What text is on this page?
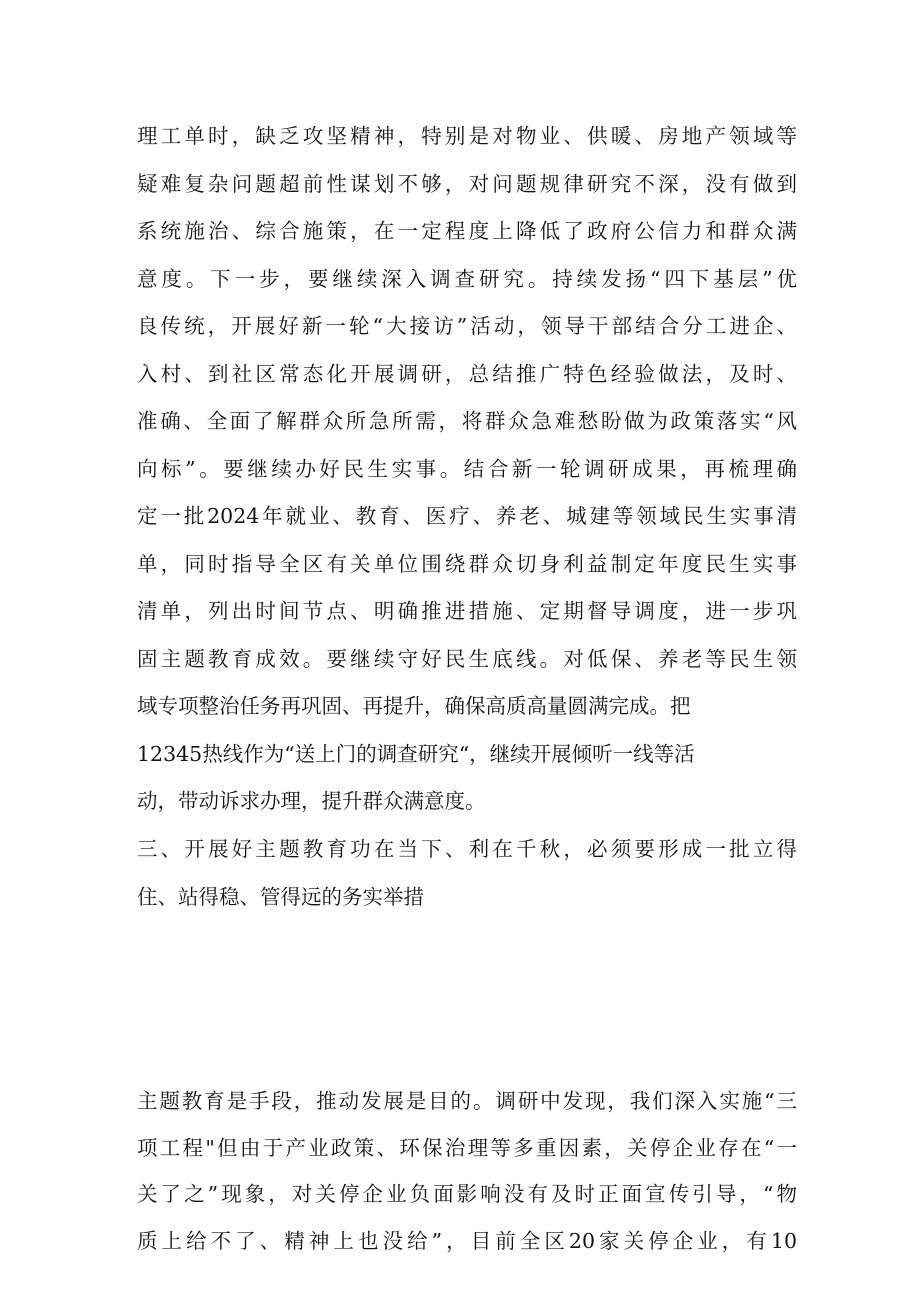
理工单时，缺乏攻坚精神，特别是对物业、供暖、房地产领域等
疑难复杂问题超前性谋划不够，对问题规律研究不深，没有做到
系统施治、综合施策，在一定程度上降低了政府公信力和群众满
意度。下一步，要继续深入调查研究。持续发扬“四下基层”优
良传统，开展好新一轮“大接访”活动，领导干部结合分工进企、
入村、到社区常态化开展调研，总结推广特色经验做法，及时、
准确、全面了解群众所急所需，将群众急难愁盼做为政策落实“风
向标”。要继续办好民生实事。结合新一轮调研成果，再梳理确
定一批2024年就业、教育、医疗、养老、城建等领域民生实事清
单，同时指导全区有关单位围绕群众切身利益制定年度民生实事
清单，列出时间节点、明确推进措施、定期督导调度，进一步巩
固主题教育成效。要继续守好民生底线。对低保、养老等民生领
域专项整治任务再巩固、再提升，确保高质高量圆满完成。把
12345热线作为“送上门的调查研究“，继续开展倾听一线等活
动，带动诉求办理，提升群众满意度。
三、开展好主题教育功在当下、利在千秋，必须要形成一批立得
住、站得稳、管得远的务实举措
主题教育是手段，推动发展是目的。调研中发现，我们深入实施“三
项工程"但由于产业政策、环保治理等多重因素，关停企业存在“一
关了之”现象，对关停企业负面影响没有及时正面宣传引导，“物
质上给不了、精神上也没给”，目前全区20家关停企业，有10
